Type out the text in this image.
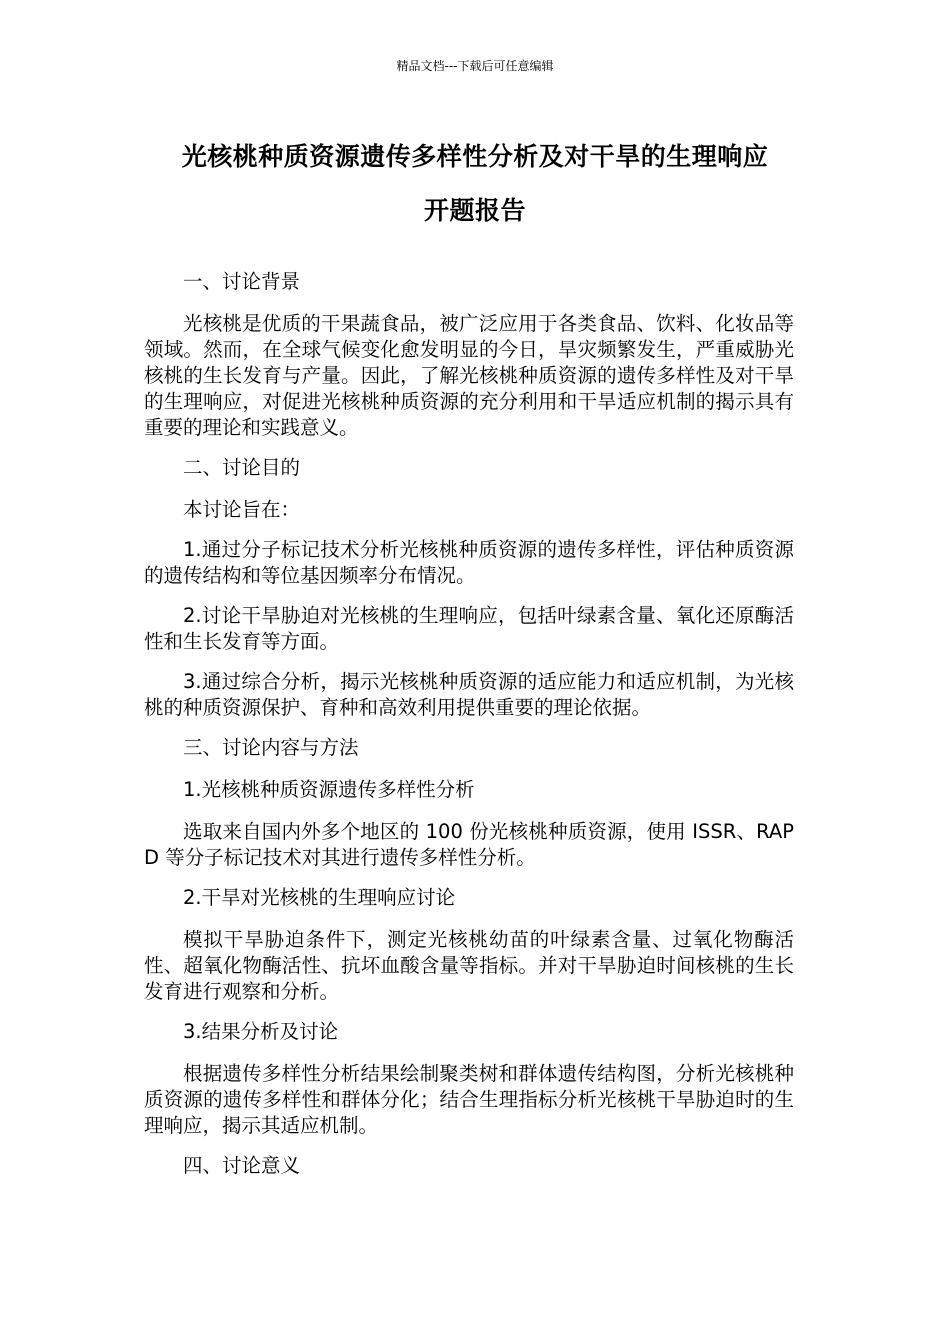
精品文档---下载后可任意编辑
光核桃种质资源遗传多样性分析及对干旱的生理响应
开题报告

一、讨论背景

光核桃是优质的干果蔬食品，被广泛应用于各类食品、饮料、化妆品等领域。然而，在全球气候变化愈发明显的今日，旱灾频繁发生，严重威胁光核桃的生长发育与产量。因此，了解光核桃种质资源的遗传多样性及对干旱的生理响应，对促进光核桃种质资源的充分利用和干旱适应机制的揭示具有重要的理论和实践意义。

二、讨论目的

本讨论旨在：

1.通过分子标记技术分析光核桃种质资源的遗传多样性，评估种质资源的遗传结构和等位基因频率分布情况。

2.讨论干旱胁迫对光核桃的生理响应，包括叶绿素含量、氧化还原酶活性和生长发育等方面。

3.通过综合分析，揭示光核桃种质资源的适应能力和适应机制，为光核桃的种质资源保护、育种和高效利用提供重要的理论依据。

三、讨论内容与方法

1.光核桃种质资源遗传多样性分析

选取来自国内外多个地区的 100 份光核桃种质资源，使用 ISSR、RAPD 等分子标记技术对其进行遗传多样性分析。

2.干旱对光核桃的生理响应讨论

模拟干旱胁迫条件下，测定光核桃幼苗的叶绿素含量、过氧化物酶活性、超氧化物酶活性、抗坏血酸含量等指标。并对干旱胁迫时间核桃的生长发育进行观察和分析。

3.结果分析及讨论

根据遗传多样性分析结果绘制聚类树和群体遗传结构图，分析光核桃种质资源的遗传多样性和群体分化；结合生理指标分析光核桃干旱胁迫时的生理响应，揭示其适应机制。

四、讨论意义
